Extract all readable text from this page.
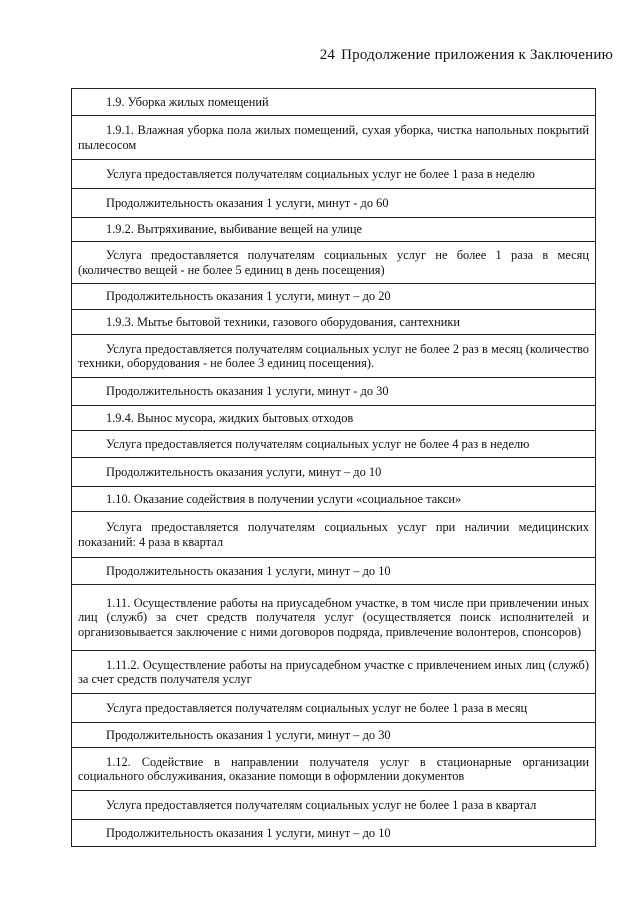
24 Продолжение приложения к Заключению
1.9. Уборка жилых помещений
1.9.1. Влажная уборка пола жилых помещений, сухая уборка, чистка напольных покрытий пылесосом
Услуга предоставляется получателям социальных услуг не более 1 раза в неделю
Продолжительность оказания 1 услуги, минут - до 60
1.9.2. Вытряхивание, выбивание вещей на улице
Услуга предоставляется получателям социальных услуг не более 1 раза в месяц (количество вещей - не более 5 единиц в день посещения)
Продолжительность оказания 1 услуги, минут – до 20
1.9.3. Мытье бытовой техники, газового оборудования, сантехники
Услуга предоставляется получателям социальных услуг не более 2 раз в месяц (количество техники, оборудования - не более 3 единиц посещения).
Продолжительность оказания 1 услуги, минут - до 30
1.9.4. Вынос мусора, жидких бытовых отходов
Услуга предоставляется получателям социальных услуг не более 4 раз в неделю
Продолжительность оказания услуги, минут – до 10
1.10. Оказание содействия в получении услуги «социальное такси»
Услуга предоставляется получателям социальных услуг при наличии медицинских показаний: 4 раза в квартал
Продолжительность оказания 1 услуги, минут – до 10
1.11. Осуществление работы на приусадебном участке, в том числе при привлечении иных лиц (служб) за счет средств получателя услуг (осуществляется поиск исполнителей и организовывается заключение с ними договоров подряда, привлечение волонтеров, спонсоров)
1.11.2. Осуществление работы на приусадебном участке с привлечением иных лиц (служб) за счет средств получателя услуг
Услуга предоставляется получателям социальных услуг не более 1 раза в месяц
Продолжительность оказания 1 услуги, минут – до 30
1.12. Содействие в направлении получателя услуг в стационарные организации социального обслуживания, оказание помощи в оформлении документов
Услуга предоставляется получателям социальных услуг не более 1 раза в квартал
Продолжительность оказания 1 услуги, минут – до 10
